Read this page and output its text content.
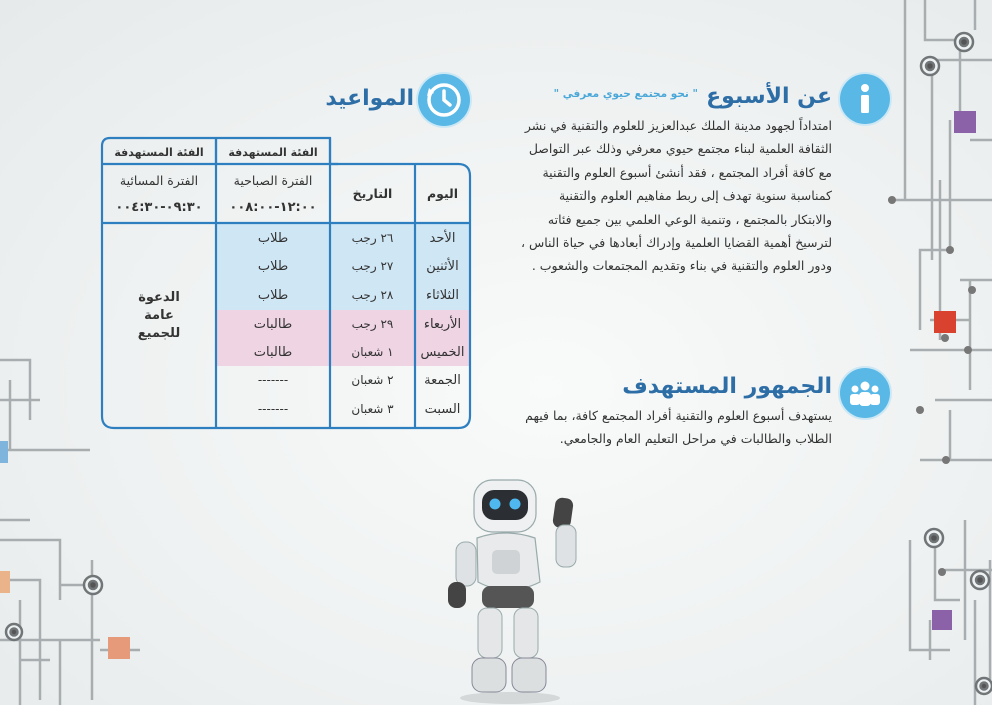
عن الأسبوع
" نحو مجتمع حيوي معرفي "
امتداداً لجهود مدينة الملك عبدالعزيز للعلوم والتقنية في نشر الثقافة العلمية لبناء مجتمع حيوي معرفي وذلك عبر التواصل مع كافة أفراد المجتمع ، فقد أنشئ أسبوع العلوم والتقنية كمناسبة سنوية تهدف إلى ربط مفاهيم العلوم والتقنية والابتكار بالمجتمع ، وتنمية الوعي العلمي بين جميع فئاته لترسيخ أهمية القضايا العلمية وإدراك أبعادها في حياة الناس ، ودور العلوم والتقنية في بناء وتقديم المجتمعات والشعوب .
الجمهور المستهدف
يستهدف أسبوع العلوم والتقنية أفراد المجتمع كافة، بما فيهم الطلاب والطالبات في مراحل التعليم العام والجامعي.
المواعيد
الفئة المستهدفة
الفئة المستهدفة
اليوم
التاريخ
الفترة الصباحية
١٢:٠٠-٠٠٨:٠٠
الفترة المسائية
٠٩:٣٠-٠٠٤:٣٠
الأحد
٢٦ رجب
طلاب
الأثنين
٢٧ رجب
طلاب
الثلاثاء
٢٨ رجب
طلاب
الأربعاء
٢٩ رجب
طالبات
الخميس
١ شعبان
طالبات
الجمعة
٢ شعبان
-------
السبت
٣ شعبان
-------
الدعوة عامة للجميع
